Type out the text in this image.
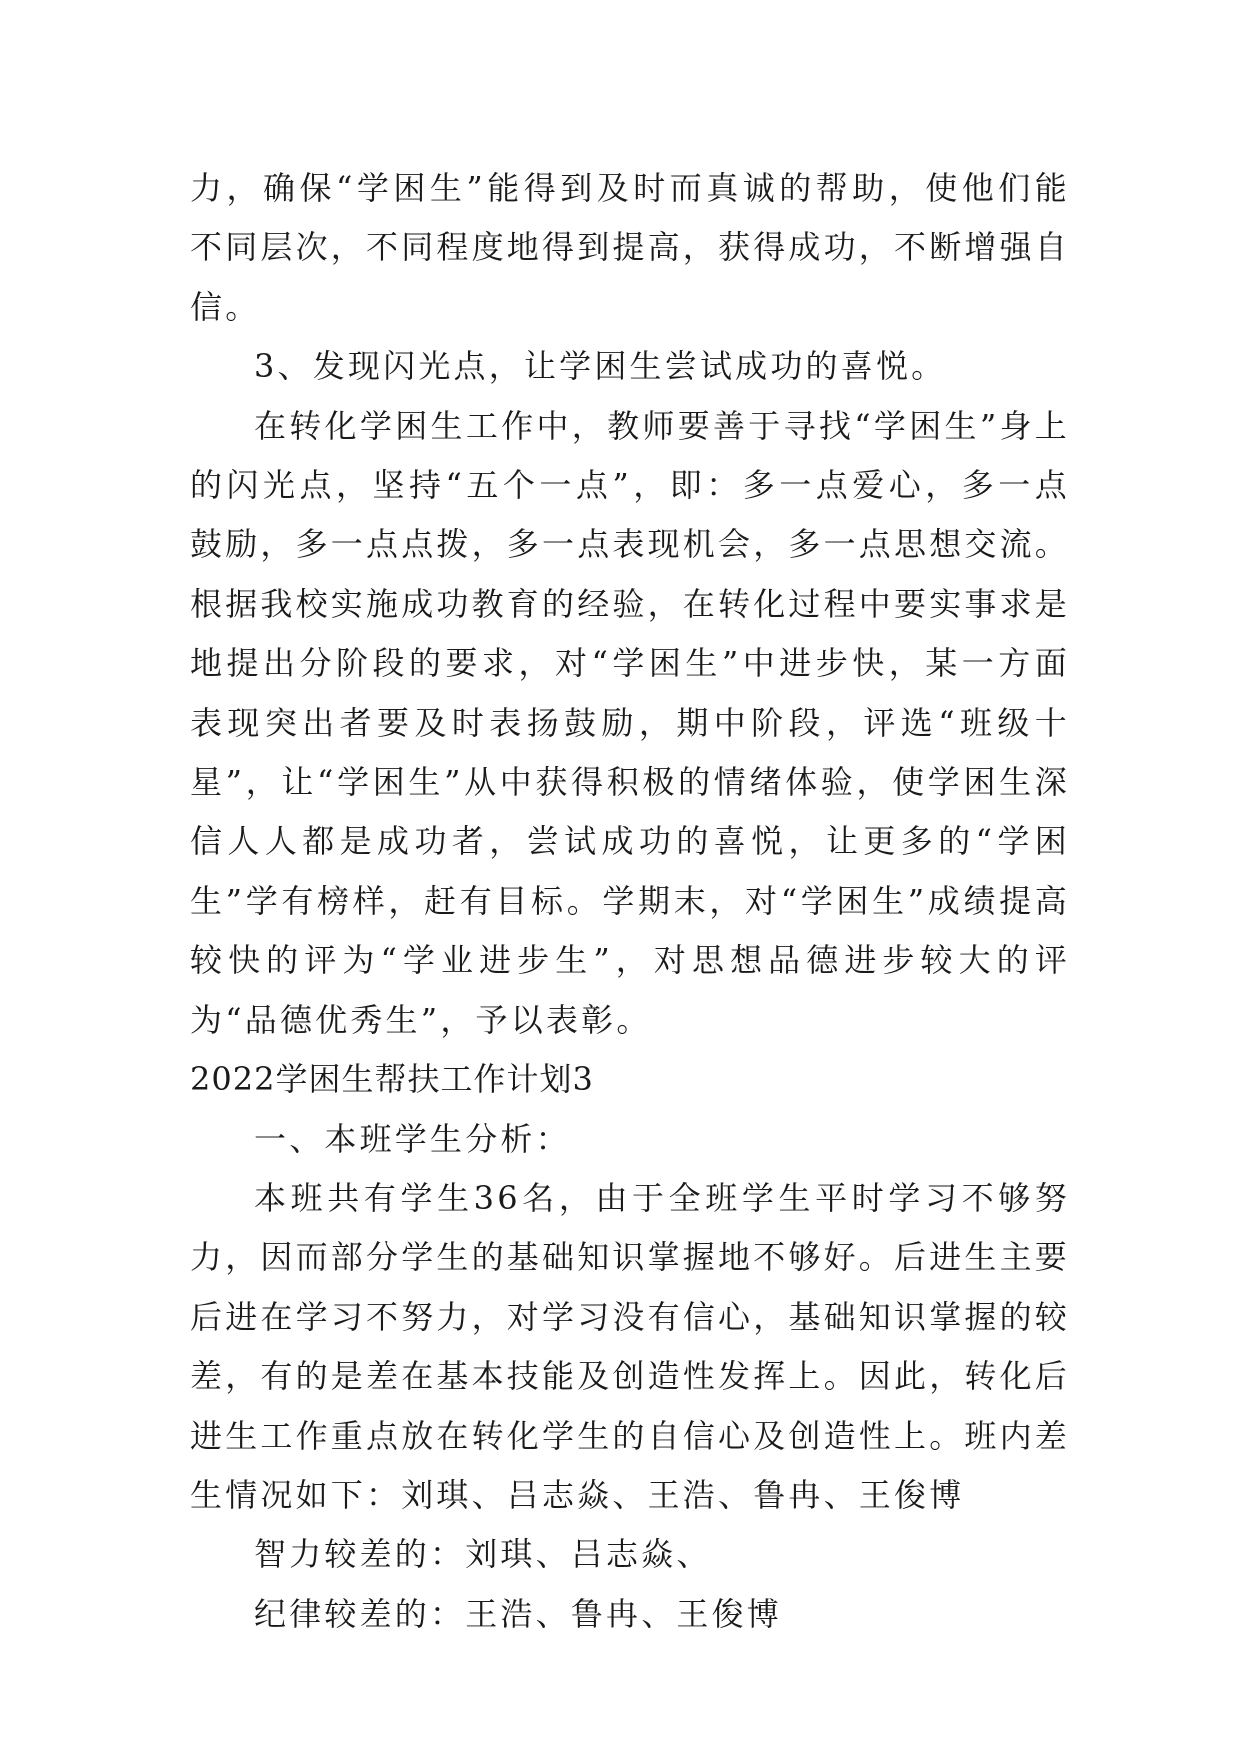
力，确保“学困生”能得到及时而真诚的帮助，使他们能不同层次，不同程度地得到提高，获得成功，不断增强自信。

3、发现闪光点，让学困生尝试成功的喜悦。

在转化学困生工作中，教师要善于寻找“学困生”身上的闪光点，坚持“五个一点”，即：多一点爱心，多一点鼓励，多一点点拨，多一点表现机会，多一点思想交流。根据我校实施成功教育的经验，在转化过程中要实事求是地提出分阶段的要求，对“学困生”中进步快，某一方面表现突出者要及时表扬鼓励，期中阶段，评选“班级十星”，让“学困生”从中获得积极的情绪体验，使学困生深信人人都是成功者，尝试成功的喜悦，让更多的“学困生”学有榜样，赶有目标。学期末，对“学困生”成绩提高较快的评为“学业进步生”，对思想品德进步较大的评为“品德优秀生”，予以表彰。

2022学困生帮扶工作计划3

一、本班学生分析：

本班共有学生36名，由于全班学生平时学习不够努力，因而部分学生的基础知识掌握地不够好。后进生主要后进在学习不努力，对学习没有信心，基础知识掌握的较差，有的是差在基本技能及创造性发挥上。因此，转化后进生工作重点放在转化学生的自信心及创造性上。班内差生情况如下：刘琪、吕志焱、王浩、鲁冉、王俊博

智力较差的：刘琪、吕志焱、

纪律较差的：王浩、鲁冉、王俊博
